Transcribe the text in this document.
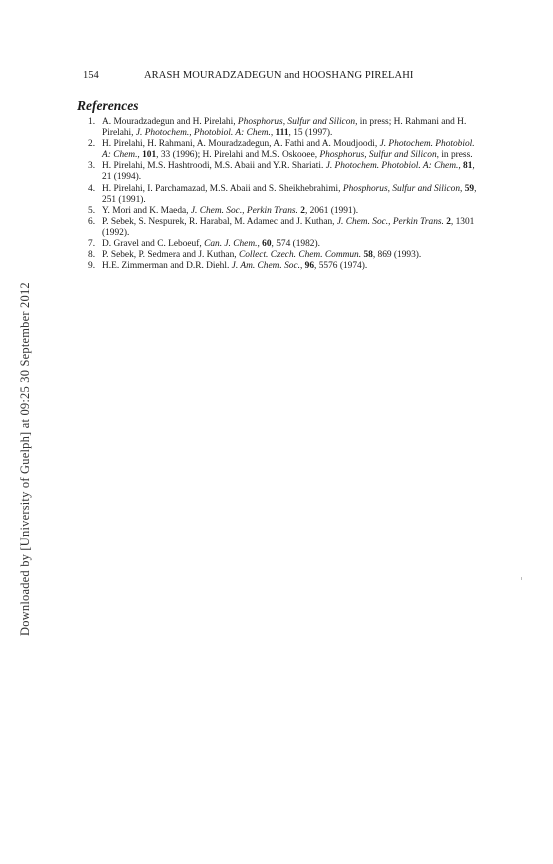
154	ARASH MOURADZADEGUN and HOOSHANG PIRELAHI
References
1. A. Mouradzadegun and H. Pirelahi, Phosphorus, Sulfur and Silicon, in press; H. Rahmani and H. Pirelahi, J. Photochem., Photobiol. A: Chem., 111, 15 (1997).
2. H. Pirelahi, H. Rahmani, A. Mouradzadegun, A. Fathi and A. Moudjoodi, J. Photochem. Photobiol. A: Chem., 101, 33 (1996); H. Pirelahi and M.S. Oskooee, Phosphorus, Sulfur and Silicon, in press.
3. H. Pirelahi, M.S. Hashtroodi, M.S. Abaii and Y.R. Shariati. J. Photochem. Photobiol. A: Chem., 81, 21 (1994).
4. H. Pirelahi, I. Parchamazad, M.S. Abaii and S. Sheikhebrahimi, Phosphorus, Sulfur and Silicon, 59, 251 (1991).
5. Y. Mori and K. Maeda, J. Chem. Soc., Perkin Trans. 2, 2061 (1991).
6. P. Sebek, S. Nespurek, R. Harabal, M. Adamec and J. Kuthan, J. Chem. Soc., Perkin Trans. 2, 1301 (1992).
7. D. Gravel and C. Leboeuf, Can. J. Chem., 60, 574 (1982).
8. P. Sebek, P. Sedmera and J. Kuthan, Collect. Czech. Chem. Commun. 58, 869 (1993).
9. H.E. Zimmerman and D.R. Diehl. J. Am. Chem. Soc., 96, 5576 (1974).
Downloaded by [University of Guelph] at 09:25 30 September 2012
